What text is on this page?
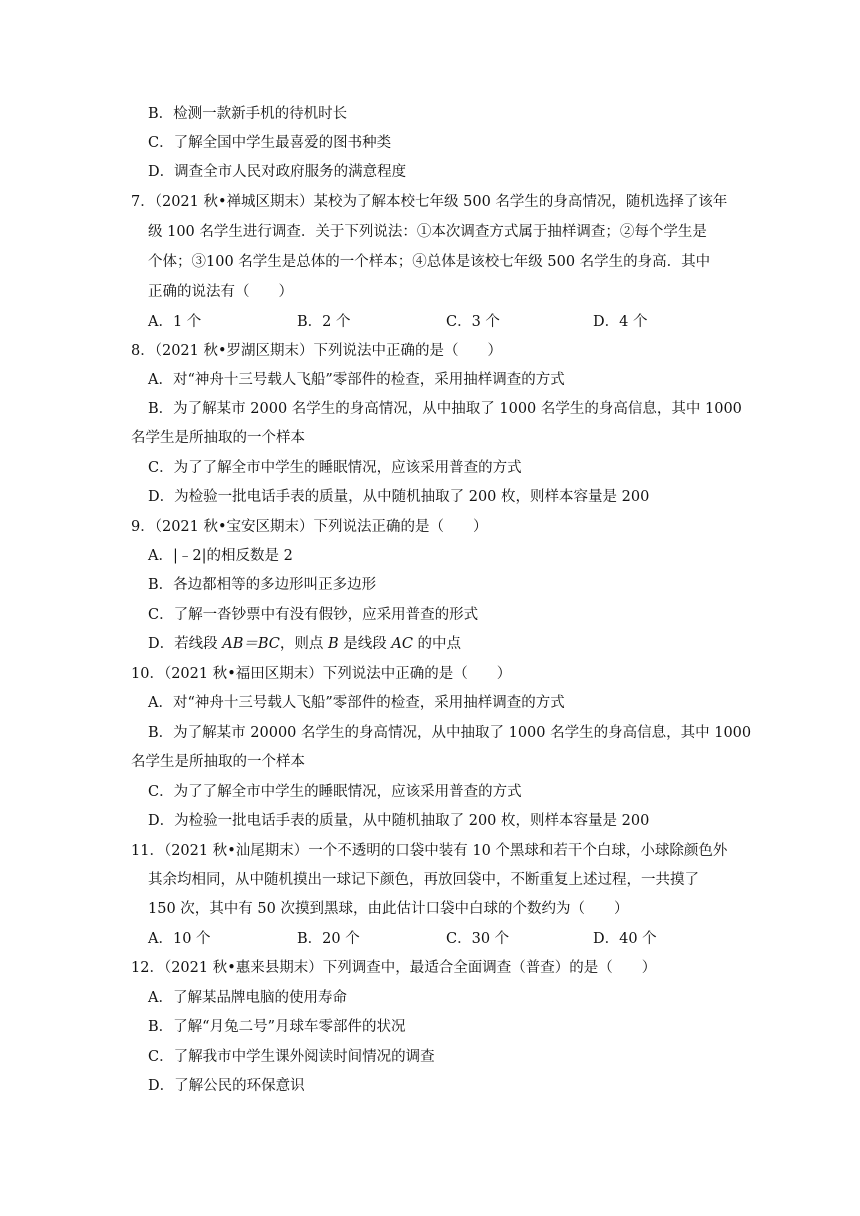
B．检测一款新手机的待机时长
C．了解全国中学生最喜爱的图书种类
D．调查全市人民对政府服务的满意程度
7．（2021 秋•禅城区期末）某校为了解本校七年级 500 名学生的身高情况，随机选择了该年
级 100 名学生进行调查．关于下列说法：①本次调查方式属于抽样调查；②每个学生是
个体；③100 名学生是总体的一个样本；④总体是该校七年级 500 名学生的身高．其中
正确的说法有（　　）
A．1 个	B．2 个	C．3 个	D．4 个
8．（2021 秋•罗湖区期末）下列说法中正确的是（　　）
A．对“神舟十三号载人飞船”零部件的检查，采用抽样调查的方式
B．为了解某市 2000 名学生的身高情况，从中抽取了 1000 名学生的身高信息，其中 1000
名学生是所抽取的一个样本
C．为了了解全市中学生的睡眠情况，应该采用普查的方式
D．为检验一批电话手表的质量，从中随机抽取了 200 枚，则样本容量是 200
9．（2021 秋•宝安区期末）下列说法正确的是（　　）
A．|﹣2|的相反数是 2
B．各边都相等的多边形叫正多边形
C．了解一沓钞票中有没有假钞，应采用普查的形式
D．若线段 AB＝BC，则点 B 是线段 AC 的中点
10．（2021 秋•福田区期末）下列说法中正确的是（　　）
A．对“神舟十三号载人飞船”零部件的检查，采用抽样调查的方式
B．为了解某市 20000 名学生的身高情况，从中抽取了 1000 名学生的身高信息，其中 1000
名学生是所抽取的一个样本
C．为了了解全市中学生的睡眠情况，应该采用普查的方式
D．为检验一批电话手表的质量，从中随机抽取了 200 枚，则样本容量是 200
11．（2021 秋•汕尾期末）一个不透明的口袋中装有 10 个黑球和若干个白球，小球除颜色外
其余均相同，从中随机摸出一球记下颜色，再放回袋中，不断重复上述过程，一共摸了
150 次，其中有 50 次摸到黑球，由此估计口袋中白球的个数约为（　　）
A．10 个	B．20 个	C．30 个	D．40 个
12．（2021 秋•惠来县期末）下列调查中，最适合全面调查（普查）的是（　　）
A．了解某品牌电脑的使用寿命
B．了解“月兔二号”月球车零部件的状况
C．了解我市中学生课外阅读时间情况的调查
D．了解公民的环保意识
